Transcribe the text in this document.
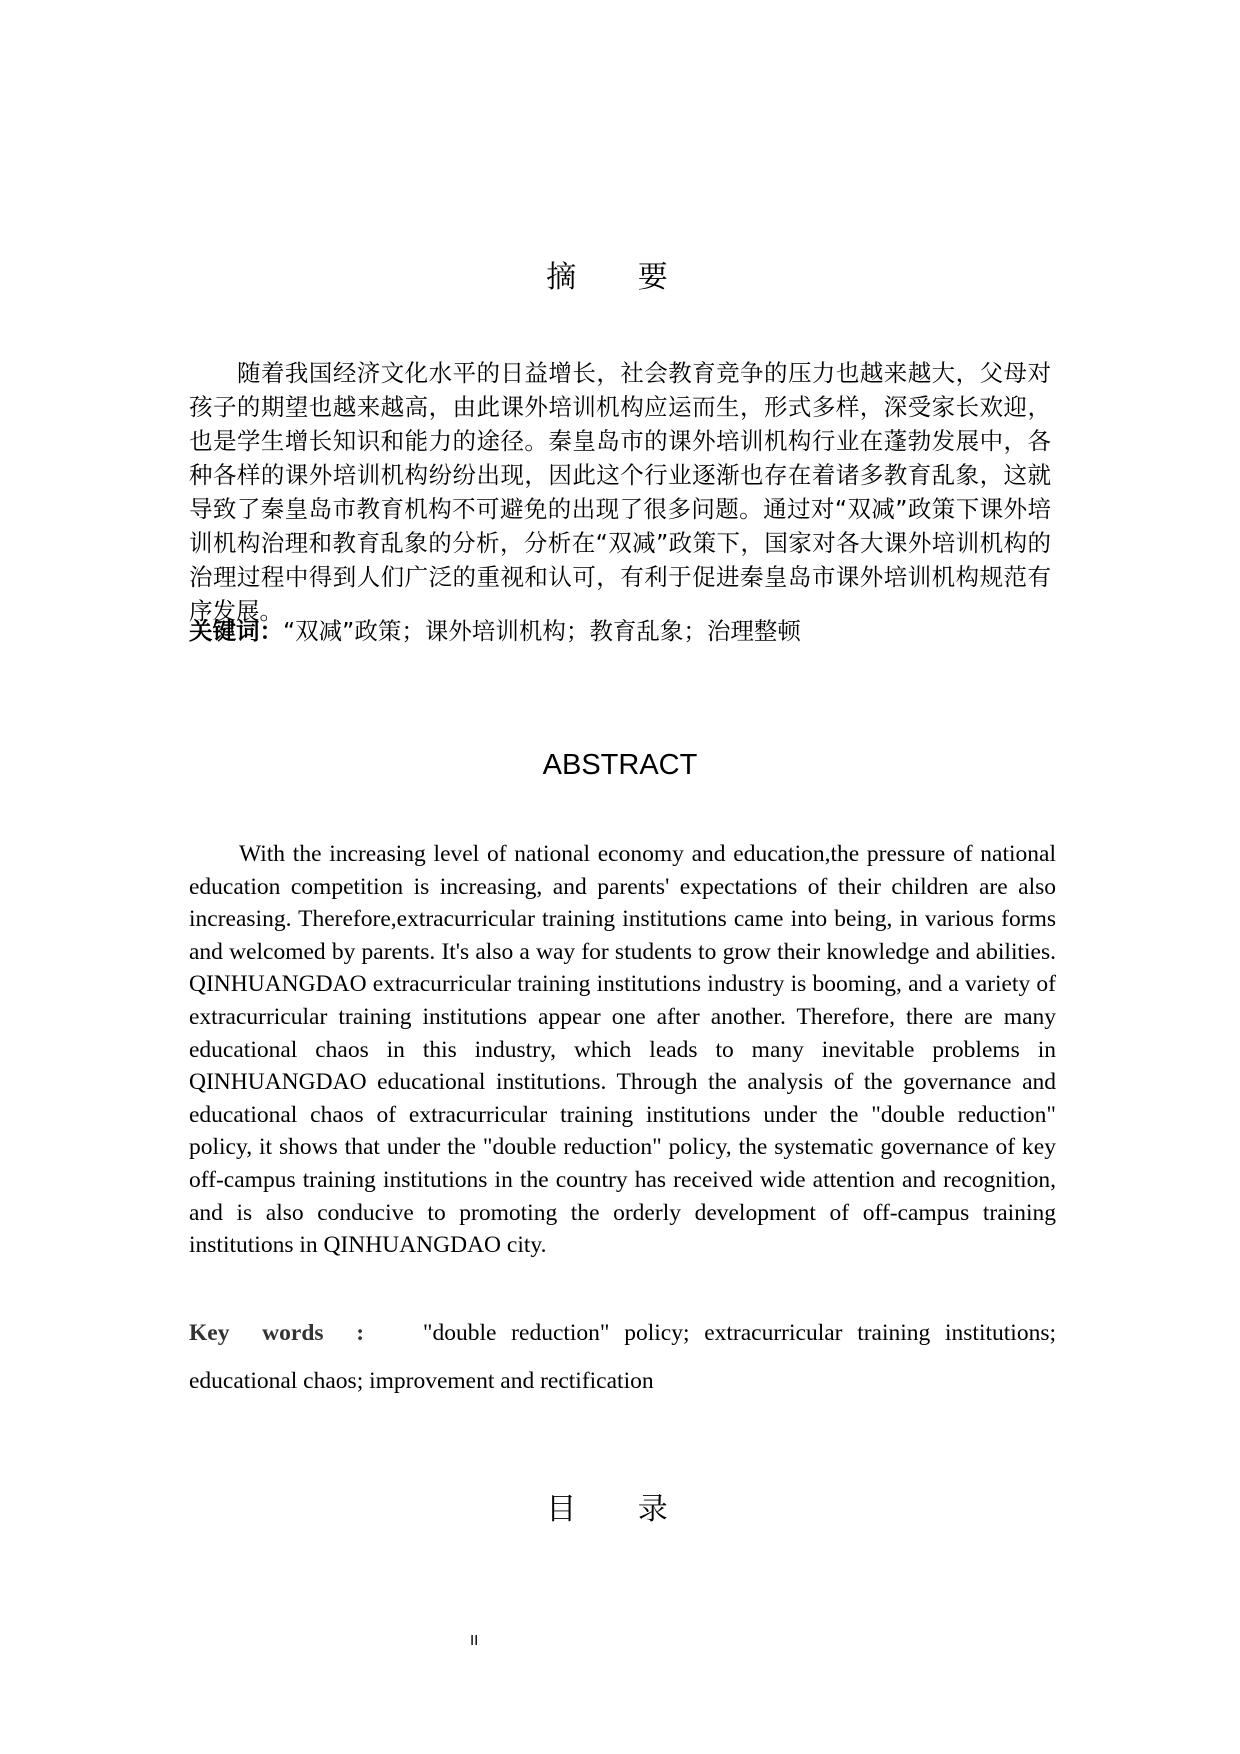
摘 要

随着我国经济文化水平的日益增长，社会教育竞争的压力也越来越大，父母对孩子的期望也越来越高，由此课外培训机构应运而生，形式多样，深受家长欢迎，也是学生增长知识和能力的途径。秦皇岛市的课外培训机构行业在蓬勃发展中，各种各样的课外培训机构纷纷出现，因此这个行业逐渐也存在着诸多教育乱象，这就导致了秦皇岛市教育机构不可避免的出现了很多问题。通过对“双减”政策下课外培训机构治理和教育乱象的分析，分析在“双减”政策下，国家对各大课外培训机构的治理过程中得到人们广泛的重视和认可，有利于促进秦皇岛市课外培训机构规范有序发展。

关键词：“双减”政策；课外培训机构；教育乱象；治理整顿

ABSTRACT

With the increasing level of national economy and education,the pressure of national education competition is increasing, and parents' expectations of their children are also increasing. Therefore,extracurricular training institutions came into being, in various forms and welcomed by parents. It's also a way for students to grow their knowledge and abilities. QINHUANGDAO extracurricular training institutions industry is booming, and a variety of extracurricular training institutions appear one after another. Therefore, there are many educational chaos in this industry, which leads to many inevitable problems in QINHUANGDAO educational institutions. Through the analysis of the governance and educational chaos of extracurricular training institutions under the "double reduction" policy, it shows that under the "double reduction" policy, the systematic governance of key off-campus training institutions in the country has received wide attention and recognition, and is also conducive to promoting the orderly development of off-campus training institutions in QINHUANGDAO city.

Key words :	"double reduction" policy; extracurricular training institutions; educational chaos; improvement and rectification

目 录
II
